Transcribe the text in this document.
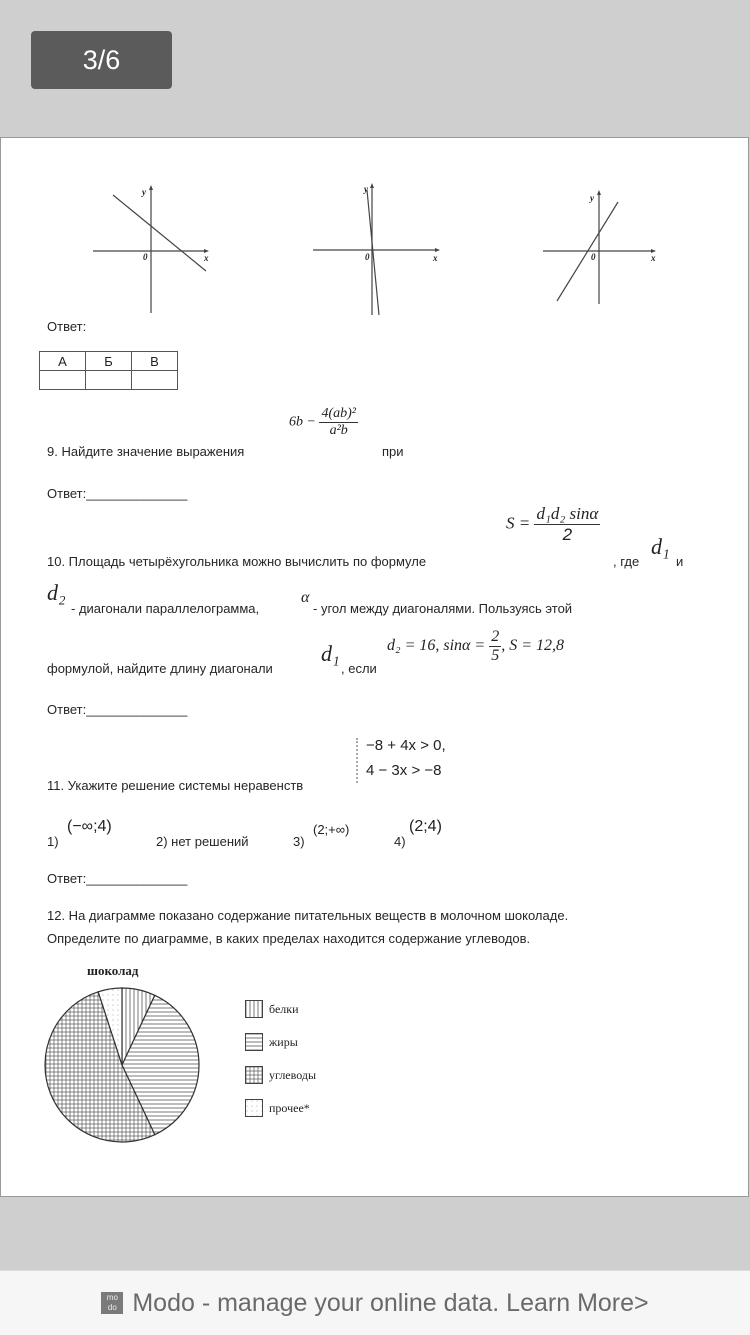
3/6
y
x
0
y
x
0
y
x
0
Ответ:
А	Б	В

9. Найдите значение выражения
$6b - \frac{\text{4(ab)²}}{\text{a²b}}$
при
Ответ:______________
10. Площадь четырёхугольника можно вычислить по формуле
$S = \frac{\text{d₁d₂ sinα}}{2}$
, где
d₁
и
d₂
- диагонали параллелограмма,
α
- угол между диагоналями. Пользуясь этой
формулой, найдите длину диагонали
d₁
, если
d₂ = 16, $\sin\alpha = \frac{2}{5}$ , S = 12,8
Ответ:______________
11. Укажите решение системы неравенств
−8 + 4x > 0,
4 − 3x > −8
1)
(−∞;4)
2) нет решений	3)
(2;+∞)
4)
(2;4)
Ответ:______________
12. На диаграмме показано содержание питательных веществ в молочном шоколаде.
Определите по диаграмме, в каких пределах находится содержание углеводов.
шоколад
белки
жиры
углеводы
прочее*
modo Modo - manage your online data. Learn More>
